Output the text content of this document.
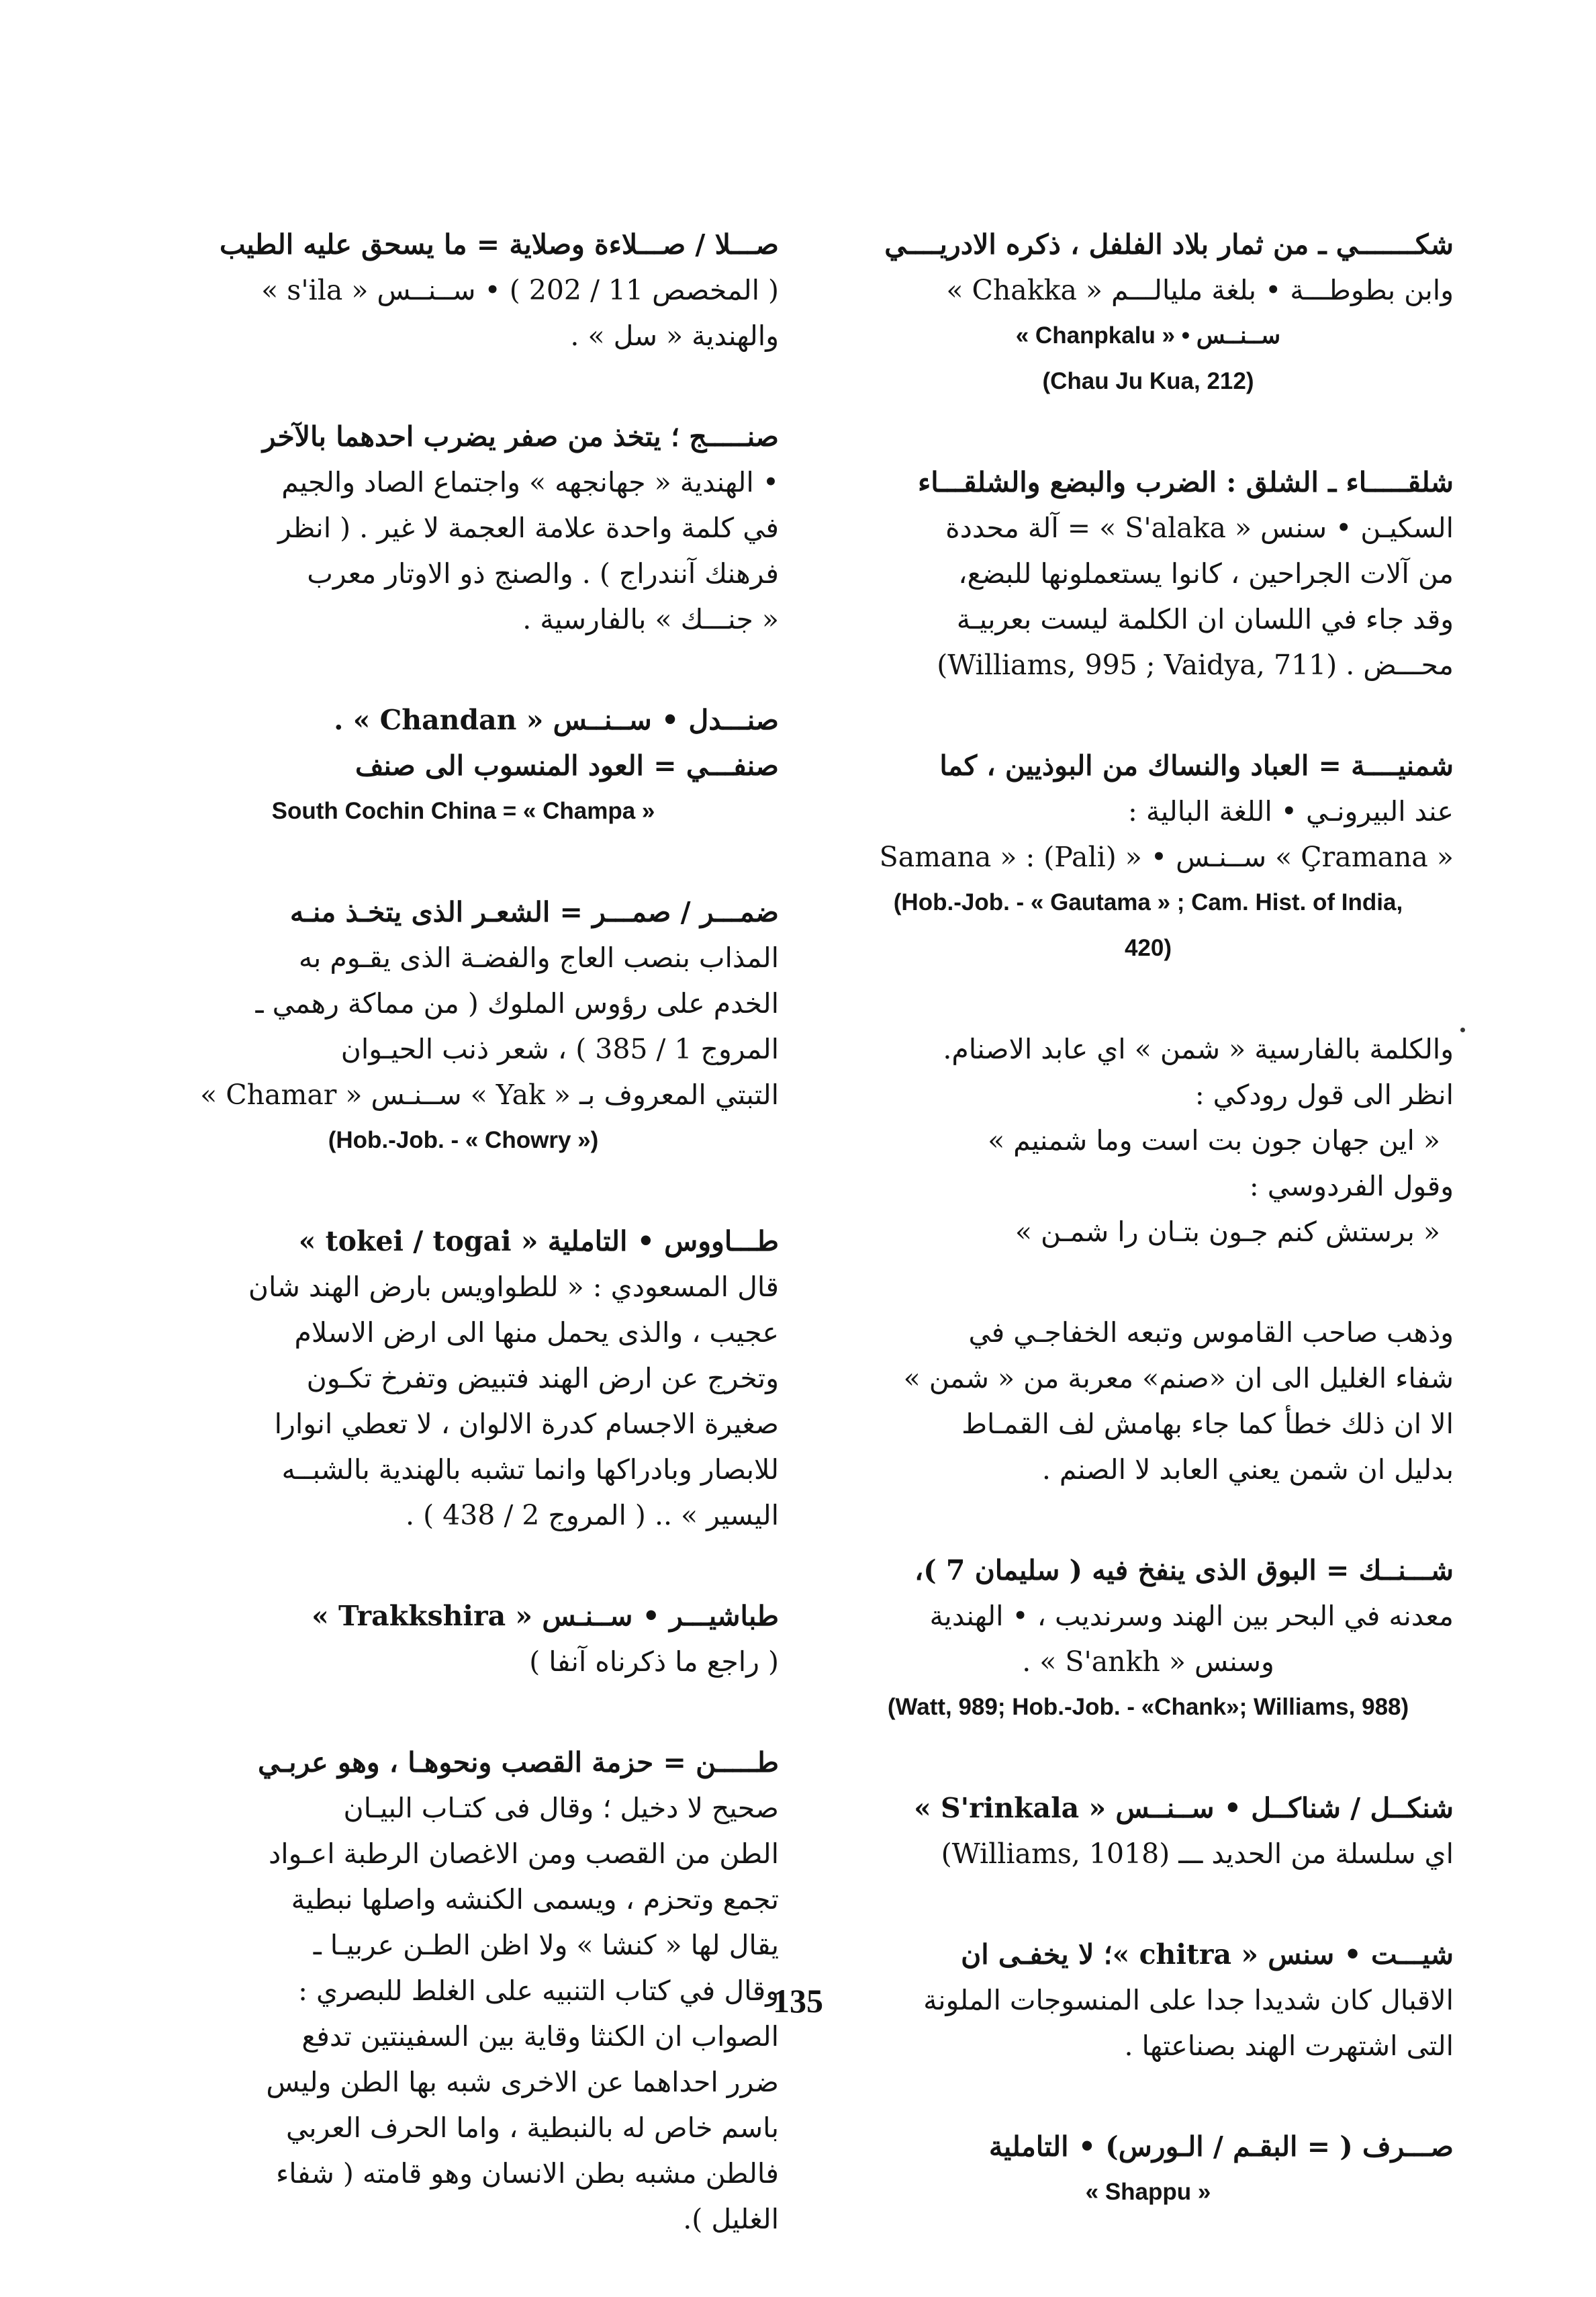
شكـــــــي ـ من ثمار بلاد الفلفل ، ذكره الادريــــي
وابن بطوطـــة • بلغة مليالـــم « Chakka »
« Chanpkalu » • ســنــس
(Chau Ju Kua, 212)
شلقـــــاء ـ الشلق : الضرب والبضع والشلقـــاء
السكيـن • سنس « S'alaka » = آلة محددة
من آلات الجراحين ، كانوا يستعملونها للبضع،
وقد جاء في اللسان ان الكلمة ليست بعربيـة
محـــض . (Williams, 995 ; Vaidya, 711)
شمنيــــة = العباد والنساك من البوذيين ، كما
عند البيرونـي • اللغة البالية :
« Çramana » ســنـس • « Samana » : (Pali)
(Hob.-Job. - « Gautama » ; Cam. Hist. of India,
420)
والكلمة بالفارسية « شمن » اي عابد الاصنام.
انظر الى قول رودكي :
« اين جهان جون بت است وما شمنيم »
وقول الفردوسي :
« برستش كنم جـون بتـان را شمـن »
وذهب صاحب القاموس وتبعه الخفاجـي في
شفاء الغليل الى ان «صنم» معربة من « شمن »
الا ان ذلك خطأ كما جاء بهامش لف القمـاط
بدليل ان شمن يعني العابد لا الصنم .
شـــنــك = البوق الذى ينفخ فيه ( سليمان 7 )،
معدنه في البحر بين الهند وسرنديب ، • الهندية
وسنس « S'ankh » .
(Watt, 989; Hob.-Job. - «Chank»; Williams, 988)
شنكــل / شناكــل • ســنــس « S'rinkala »
اي سلسلة من الحديد ـــ (Williams, 1018)
شيـــت • سنس « chitra »؛ لا يخفـى ان
الاقبال كان شديدا جدا على المنسوجات الملونة
التى اشتهرت الهند بصناعتها .
صـــرف ( = البقـم / الـورس) • التاملية
« Shappu »
صـــلا / صـــلاءة وصلاية = ما يسحق عليه الطيب
( المخصص 11 / 202 ) • ســنــس « s'ila »
والهندية « سل » .
صنـــــج ؛ يتخذ من صفر يضرب احدهما بالآخر
• الهندية « جهانجهه » واجتماع الصاد والجيم
في كلمة واحدة علامة العجمة لا غير . ( انظر
فرهنك آنندراج ) . والصنج ذو الاوتار معرب
« جنـــك » بالفارسية .
صنـــدل • ســنــس « Chandan » .
صنفـــي = العود المنسوب الى صنف
South Cochin China = « Champa »
ضمـــر / صمـــر = الشعـر الذى يتخـذ منـه
المذاب بنصب العاج والفضـة الذى يقـوم به
الخدم على رؤوس الملوك ( من مماكة رهمي ـ
المروج 1 / 385 ) ، شعر ذنب الحيـوان
التبتي المعروف بـ « Yak » ســنـس « Chamar »
(Hob.-Job. - « Chowry »)
طـــاووس • التاملية « tokei / togai »
قال المسعودي : « للطواويس بارض الهند شان
عجيب ، والذى يحمل منها الى ارض الاسلام
وتخرج عن ارض الهند فتبيض وتفرخ تكـون
صغيرة الاجسام كدرة الالوان ، لا تعطي انوارا
للابصار وبادراكها وانما تشبه بالهندية بالشبــه
اليسير » .. ( المروج 2 / 438 ) .
طباشيـــر • ســنـس « Trakkshira »
( راجع ما ذكرناه آنفا )
طـــــن = حزمة القصب ونحوهـا ، وهو عربـي
صحيح لا دخيل ؛ وقال فى كتـاب البيـان
الطن من القصب ومن الاغصان الرطبة اعـواد
تجمع وتحزم ، ويسمى الكنشه واصلها نبطية
يقال لها « كنشا » ولا اظن الطـن عربيـا ـ
وقال في كتاب التنبيه على الغلط للبصري :
الصواب ان الكنثا وقاية بين السفينتين تدفع
ضرر احداهما عن الاخرى شبه بها الطن وليس
باسم خاص له بالنبطية ، واما الحرف العربي
فالطن مشبه بطن الانسان وهو قامته ( شفاء
الغليل ).
135
